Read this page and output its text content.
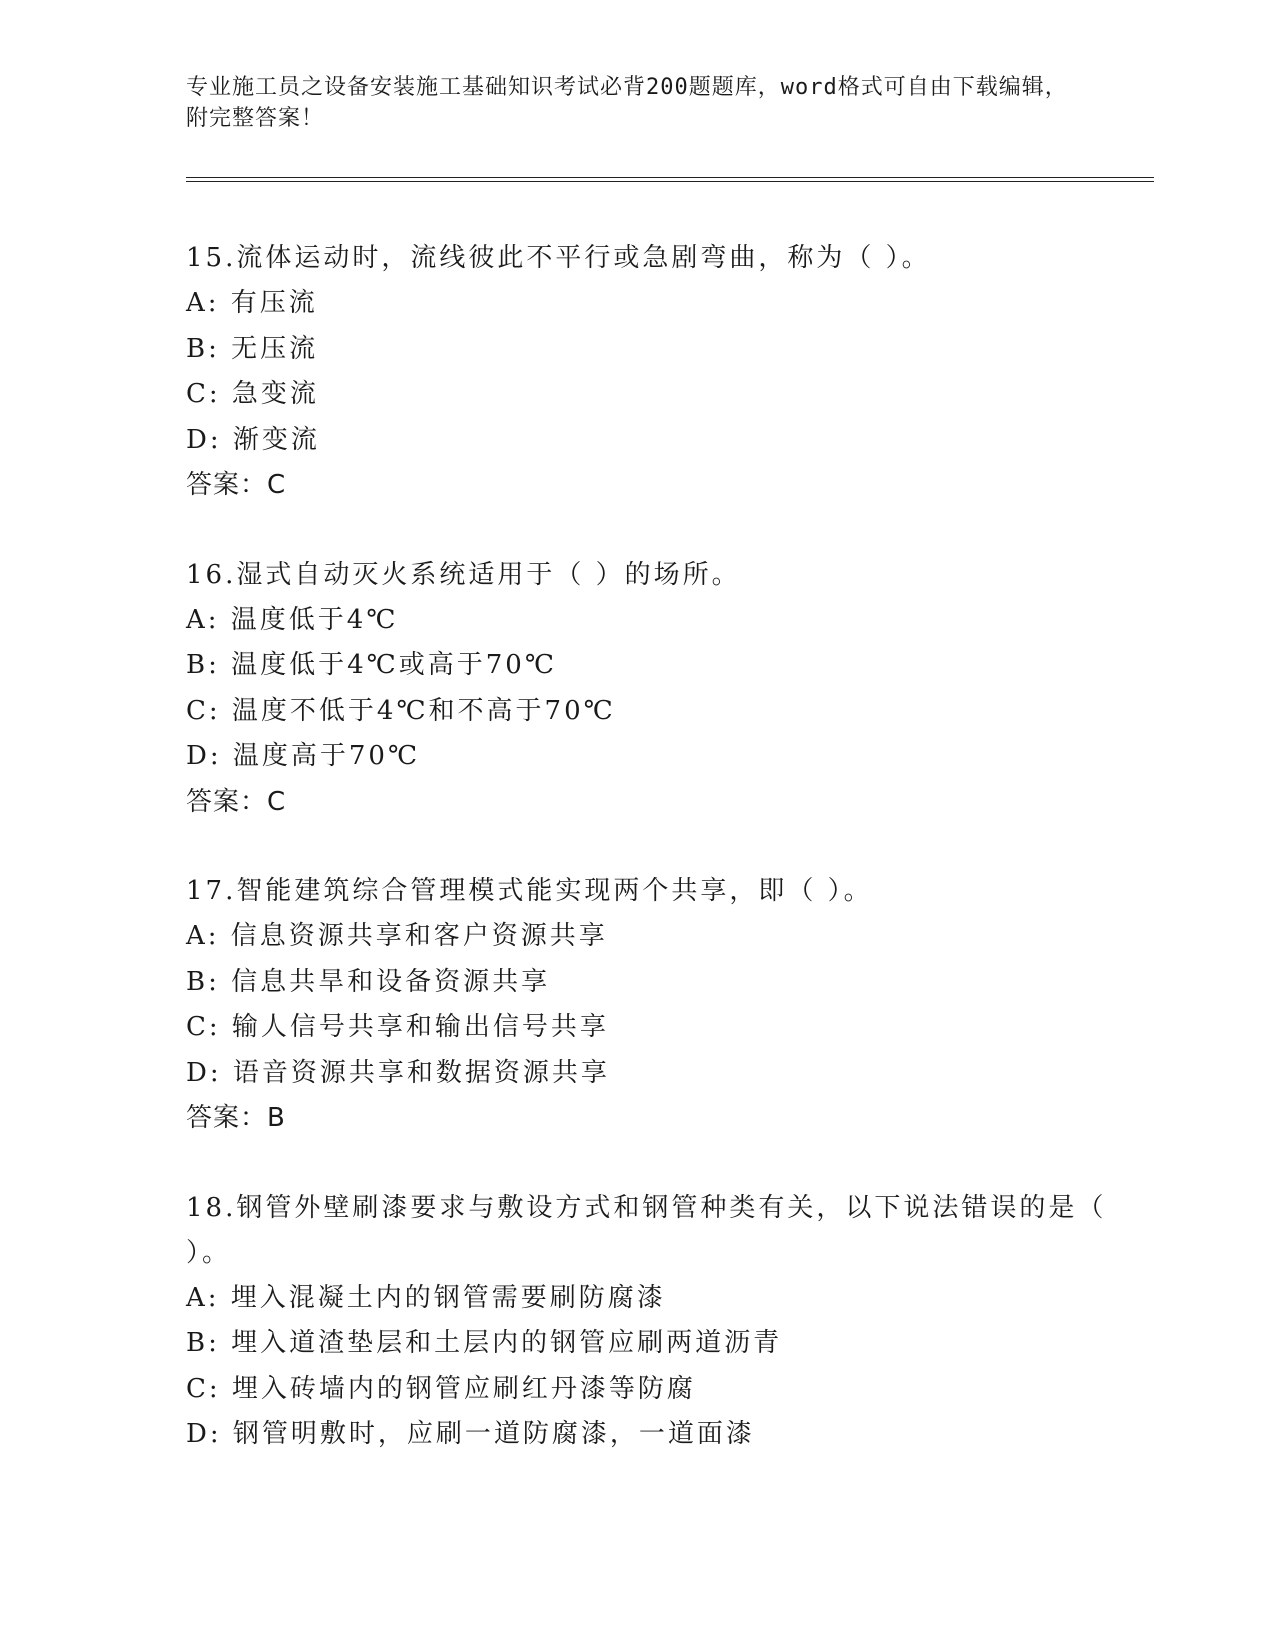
专业施工员之设备安装施工基础知识考试必背200题题库，word格式可自由下载编辑，附完整答案！
15.流体运动时，流线彼此不平行或急剧弯曲，称为（ ）。
A: 有压流
B: 无压流
C: 急变流
D: 渐变流
答案：C
16.湿式自动灭火系统适用于（ ）的场所。
A: 温度低于4℃
B: 温度低于4℃或高于70℃
C: 温度不低于4℃和不高于70℃
D: 温度高于70℃
答案：C
17.智能建筑综合管理模式能实现两个共享，即（ ）。
A: 信息资源共享和客户资源共享
B: 信息共旱和设备资源共享
C: 输人信号共享和输出信号共享
D: 语音资源共享和数据资源共享
答案：B
18.钢管外壁刷漆要求与敷设方式和钢管种类有关，以下说法错误的是（ ）。
A: 埋入混凝土内的钢管需要刷防腐漆
B: 埋入道渣垫层和土层内的钢管应刷两道沥青
C: 埋入砖墙内的钢管应刷红丹漆等防腐
D: 钢管明敷时，应刷一道防腐漆，一道面漆
